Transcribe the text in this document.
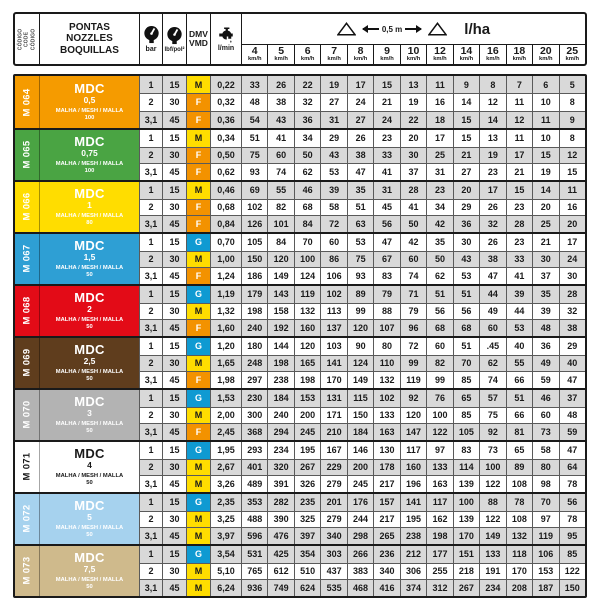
CÓDIGO CODE CÓDIGO
PONTAS
NOZZLES
BOQUILLAS	bar lbf/pol²
DMV
VMD
l/min
0,5 m	l/ha
4
km/h
5
km/h
6
km/h
7
km/h
8
km/h
9
km/h
10
km/h
12
km/h
14
km/h
16
km/h
18
km/h
20
km/h
25
km/h
M 064	MDC
0,5
MALHA / MESH / MALLA
100
1	15	M	0,22	33	26	22	19	17	15	13	11	9	8	7	6	5
2	30	F	0,32	48	38	32	27	24	21	19	16	14	12	11	10	8
3,1	45	F	0,36	54	43	36	31	27	24	22	18	15	14	12	11	9
M 065	MDC
0,75
MALHA / MESH / MALLA
100
1	15	M	0,34	51	41	34	29	26	23	20	17	15	13	11	10	8
2	30	F	0,50	75	60	50	43	38	33	30	25	21	19	17	15	12
3,1	45	F	0,62	93	74	62	53	47	41	37	31	27	23	21	19	15
M 066	MDC
1
MALHA / MESH / MALLA
80
1	15	M	0,46	69	55	46	39	35	31	28	23	20	17	15	14	11
2	30	F	0,68	102	82	68	58	51	45	41	34	29	26	23	20	16
3,1	45	F	0,84	126	101	84	72	63	56	50	42	36	32	28	25	20
M 067	MDC
1,5
MALHA / MESH / MALLA
50
1	15	G	0,70	105	84	70	60	53	47	42	35	30	26	23	21	17
2	30	M	1,00	150	120	100	86	75	67	60	50	43	38	33	30	24
3,1	45	F	1,24	186	149	124	106	93	83	74	62	53	47	41	37	30
M 068	MDC
2
MALHA / MESH / MALLA
50
1	15	G	1,19	179	143	119	102	89	79	71	51	51	44	39	35	28
2	30	M	1,32	198	158	132	113	99	88	79	56	56	49	44	39	32
3,1	45	F	1,60	240	192	160	137	120	107	96	68	68	60	53	48	38
M 069	MDC
2,5
MALHA / MESH / MALLA
50
1	15	G	1,20	180	144	120	103	90	80	72	60	51	.45	40	36	29
2	30	M	1,65	248	198	165	141	124	110	99	82	70	62	55	49	40
3,1	45	F	1,98	297	238	198	170	149	132	119	99	85	74	66	59	47
M 070	MDC
3
MALHA / MESH / MALLA
50
1	15	G	1,53	230	184	153	131	115	102	92	76	65	57	51	46	37
2	30	M	2,00	300	240	200	171	150	133	120	100	85	75	66	60	48
3,1	45	F	2,45	368	294	245	210	184	163	147	122	105	92	81	73	59
M 071	MDC
4
MALHA / MESH / MALLA
50
1	15	G	1,95	293	234	195	167	146	130	117	97	83	73	65	58	47
2	30	M	2,67	401	320	267	229	200	178	160	133	114	100	89	80	64
3,1	45	M	3,26	489	391	326	279	245	217	196	163	139	122	108	98	78
M 072	MDC
5
MALHA / MESH / MALLA
50
1	15	G	2,35	353	282	235	201	176	157	141	117	100	88	78	70	56
2	30	M	3,25	488	390	325	279	244	217	195	162	139	122	108	97	78
3,1	45	M	3,97	596	476	397	340	298	265	238	198	170	149	132	119	95
M 073	MDC
7,5
MALHA / MESH / MALLA
50
1	15	G	3,54	531	425	354	303	266	236	212	177	151	133	118	106	85
2	30	M	5,10	765	612	510	437	383	340	306	255	218	191	170	153	122
3,1	45	M	6,24	936	749	624	535	468	416	374	312	267	234	208	187	150
